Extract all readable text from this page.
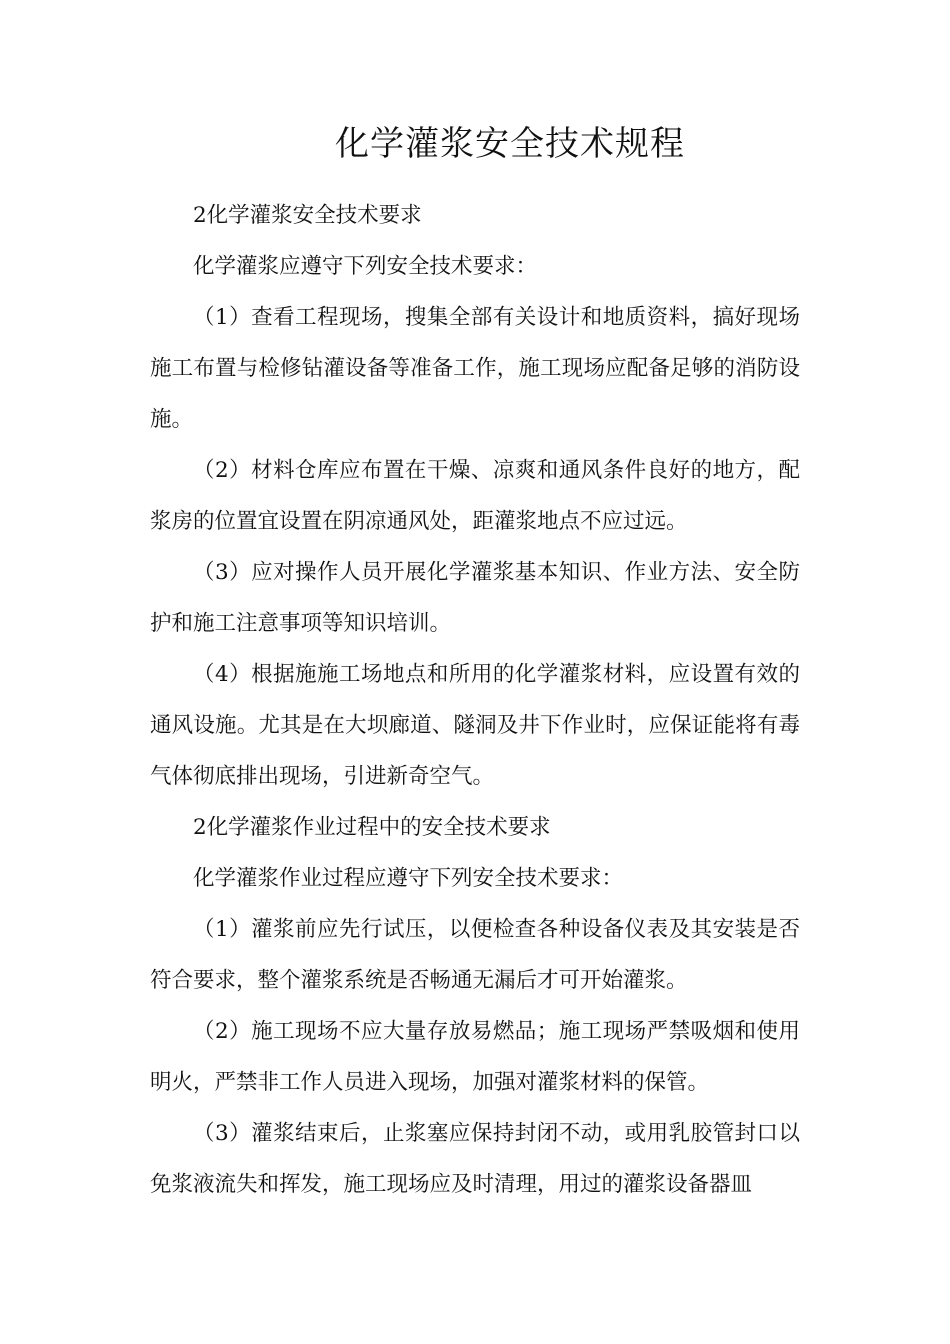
化学灌浆安全技术规程

2化学灌浆安全技术要求

化学灌浆应遵守下列安全技术要求：

（1）查看工程现场，搜集全部有关设计和地质资料，搞好现场施工布置与检修钻灌设备等准备工作，施工现场应配备足够的消防设施。

（2）材料仓库应布置在干燥、凉爽和通风条件良好的地方，配浆房的位置宜设置在阴凉通风处，距灌浆地点不应过远。

（3）应对操作人员开展化学灌浆基本知识、作业方法、安全防护和施工注意事项等知识培训。

（4）根据施施工场地点和所用的化学灌浆材料，应设置有效的通风设施。尤其是在大坝廊道、隧洞及井下作业时，应保证能将有毒气体彻底排出现场，引进新奇空气。

2化学灌浆作业过程中的安全技术要求

化学灌浆作业过程应遵守下列安全技术要求：

（1）灌浆前应先行试压，以便检查各种设备仪表及其安装是否符合要求，整个灌浆系统是否畅通无漏后才可开始灌浆。

（2）施工现场不应大量存放易燃品；施工现场严禁吸烟和使用明火，严禁非工作人员进入现场，加强对灌浆材料的保管。

（3）灌浆结束后，止浆塞应保持封闭不动，或用乳胶管封口以免浆液流失和挥发，施工现场应及时清理，用过的灌浆设备器皿
